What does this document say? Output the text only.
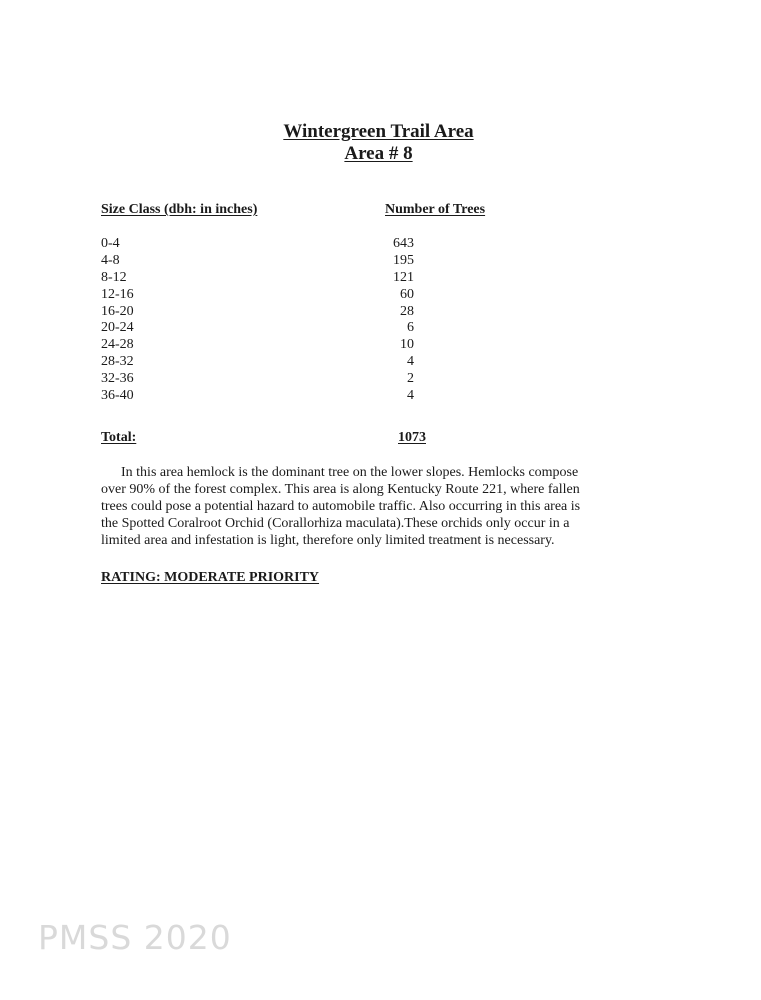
Wintergreen Trail Area
Area # 8
Size Class (dbh: in inches)	Number of Trees
0-4	643
4-8	195
8-12	121
12-16	60
16-20	28
20-24	6
24-28	10
28-32	4
32-36	2
36-40	4
Total:	1073
In this area hemlock is the dominant tree on the lower slopes. Hemlocks compose
over 90% of the forest complex. This area is along Kentucky Route 221, where fallen
trees could pose a potential hazard to automobile traffic. Also occurring in this area is
the Spotted Coralroot Orchid (Corallorhiza maculata).These orchids only occur in a
limited area and infestation is light, therefore only limited treatment is necessary.
RATING: MODERATE PRIORITY
PMSS 2020
